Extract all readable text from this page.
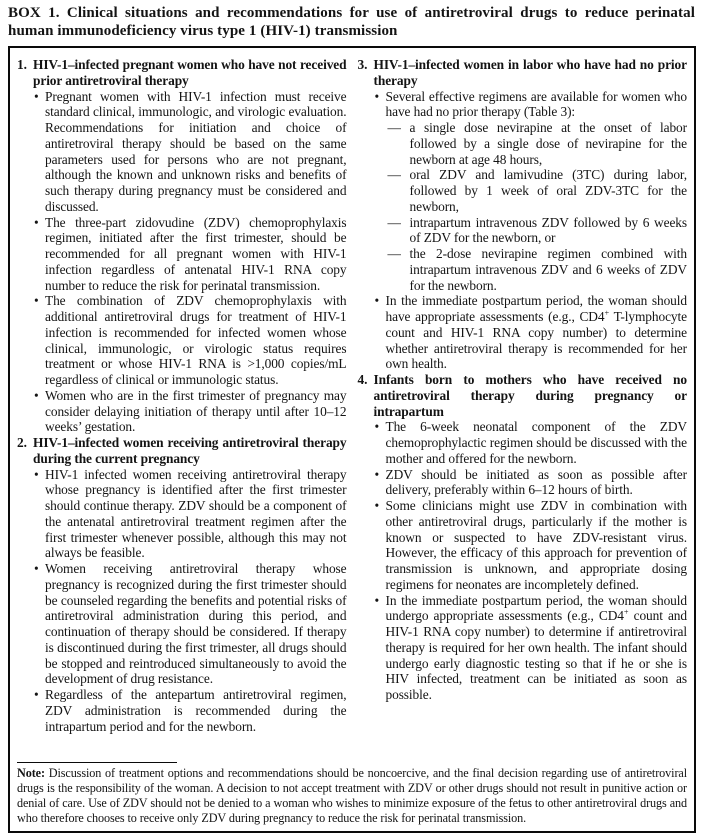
BOX 1. Clinical situations and recommendations for use of antiretroviral drugs to reduce perinatal human immunodeficiency virus type 1 (HIV-1) transmission
1. HIV-1–infected pregnant women who have not received prior antiretroviral therapy
• Pregnant women with HIV-1 infection must receive standard clinical, immunologic, and virologic evaluation. Recommendations for initiation and choice of antiretroviral therapy should be based on the same parameters used for persons who are not pregnant, although the known and unknown risks and benefits of such therapy during pregnancy must be considered and discussed.
• The three-part zidovudine (ZDV) chemoprophylaxis regimen, initiated after the first trimester, should be recommended for all pregnant women with HIV-1 infection regardless of antenatal HIV-1 RNA copy number to reduce the risk for perinatal transmission.
• The combination of ZDV chemoprophylaxis with additional antiretroviral drugs for treatment of HIV-1 infection is recommended for infected women whose clinical, immunologic, or virologic status requires treatment or whose HIV-1 RNA is >1,000 copies/mL regardless of clinical or immunologic status.
• Women who are in the first trimester of pregnancy may consider delaying initiation of therapy until after 10–12 weeks’ gestation.
2. HIV-1–infected women receiving antiretroviral therapy during the current pregnancy
• HIV-1 infected women receiving antiretroviral therapy whose pregnancy is identified after the first trimester should continue therapy. ZDV should be a component of the antenatal antiretroviral treatment regimen after the first trimester whenever possible, although this may not always be feasible.
• Women receiving antiretroviral therapy whose pregnancy is recognized during the first trimester should be counseled regarding the benefits and potential risks of antiretroviral administration during this period, and continuation of therapy should be considered. If therapy is discontinued during the first trimester, all drugs should be stopped and reintroduced simultaneously to avoid the development of drug resistance.
• Regardless of the antepartum antiretroviral regimen, ZDV administration is recommended during the intrapartum period and for the newborn.
3. HIV-1–infected women in labor who have had no prior therapy
• Several effective regimens are available for women who have had no prior therapy (Table 3):
— a single dose nevirapine at the onset of labor followed by a single dose of nevirapine for the newborn at age 48 hours,
— oral ZDV and lamivudine (3TC) during labor, followed by 1 week of oral ZDV-3TC for the newborn,
— intrapartum intravenous ZDV followed by 6 weeks of ZDV for the newborn, or
— the 2-dose nevirapine regimen combined with intrapartum intravenous ZDV and 6 weeks of ZDV for the newborn.
• In the immediate postpartum period, the woman should have appropriate assessments (e.g., CD4+ T-lymphocyte count and HIV-1 RNA copy number) to determine whether antiretroviral therapy is recommended for her own health.
4. Infants born to mothers who have received no antiretroviral therapy during pregnancy or intrapartum
• The 6-week neonatal component of the ZDV chemoprophylactic regimen should be discussed with the mother and offered for the newborn.
• ZDV should be initiated as soon as possible after delivery, preferably within 6–12 hours of birth.
• Some clinicians might use ZDV in combination with other antiretroviral drugs, particularly if the mother is known or suspected to have ZDV-resistant virus. However, the efficacy of this approach for prevention of transmission is unknown, and appropriate dosing regimens for neonates are incompletely defined.
• In the immediate postpartum period, the woman should undergo appropriate assessments (e.g., CD4+ count and HIV-1 RNA copy number) to determine if antiretroviral therapy is required for her own health. The infant should undergo early diagnostic testing so that if he or she is HIV infected, treatment can be initiated as soon as possible.
Note: Discussion of treatment options and recommendations should be noncoercive, and the final decision regarding use of antiretroviral drugs is the responsibility of the woman. A decision to not accept treatment with ZDV or other drugs should not result in punitive action or denial of care. Use of ZDV should not be denied to a woman who wishes to minimize exposure of the fetus to other antiretroviral drugs and who therefore chooses to receive only ZDV during pregnancy to reduce the risk for perinatal transmission.
